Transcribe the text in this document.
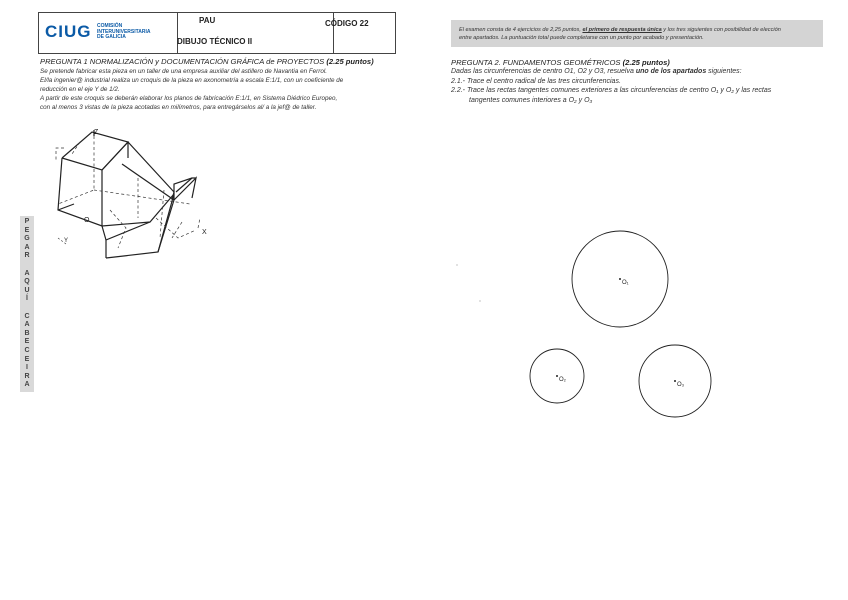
CIUG COMISIÓN
INTERUNIVERSITARIA
DE GALICIA
PAU
DIBUJO TÉCNICO II
CÓDIGO 22
P
E
G
A
R
A
Q
U
Í
C
A
B
E
C
E
I
R
A
El examen consta de 4 ejercicios de 2,25 puntos, el primero de respuesta única y los tres siguientes con posibilidad de elección
entre apartados. La puntuación total puede completarse con un punto por acabado y presentación.
PREGUNTA 1 NORMALIZACIÓN y DOCUMENTACIÓN GRÁFICA de PROYECTOS (2.25 puntos)
Se pretende fabricar esta pieza en un taller de una empresa auxiliar del astillero de Navantia en Ferrol.
El/la ingenier@ industrial realiza un croquis de la pieza en axonometría a escala E:1/1, con un coeficiente de
reducción en el eje Y de 1/2.
A partir de este croquis se deberán elaborar los planos de fabricación E:1/1, en Sistema Diédrico Europeo,
con al menos 3 vistas de la pieza acotadas en milímetros, para entregárselos al/ a la jef@ de taller.
Z
X
Y
O
PREGUNTA 2. FUNDAMENTOS GEOMÉTRICOS (2.25 puntos)
Dadas las circunferencias de centro O1, O2 y O3, resuelva uno de los apartados siguientes:
2.1.- Trace el centro radical de las tres circunferencias.
2.2.- Trace las rectas tangentes comunes exteriores a las circunferencias de centro O₁ y O₂ y las rectas
tangentes comunes interiores a O₂ y O₃
O₁
O₂
O₃
